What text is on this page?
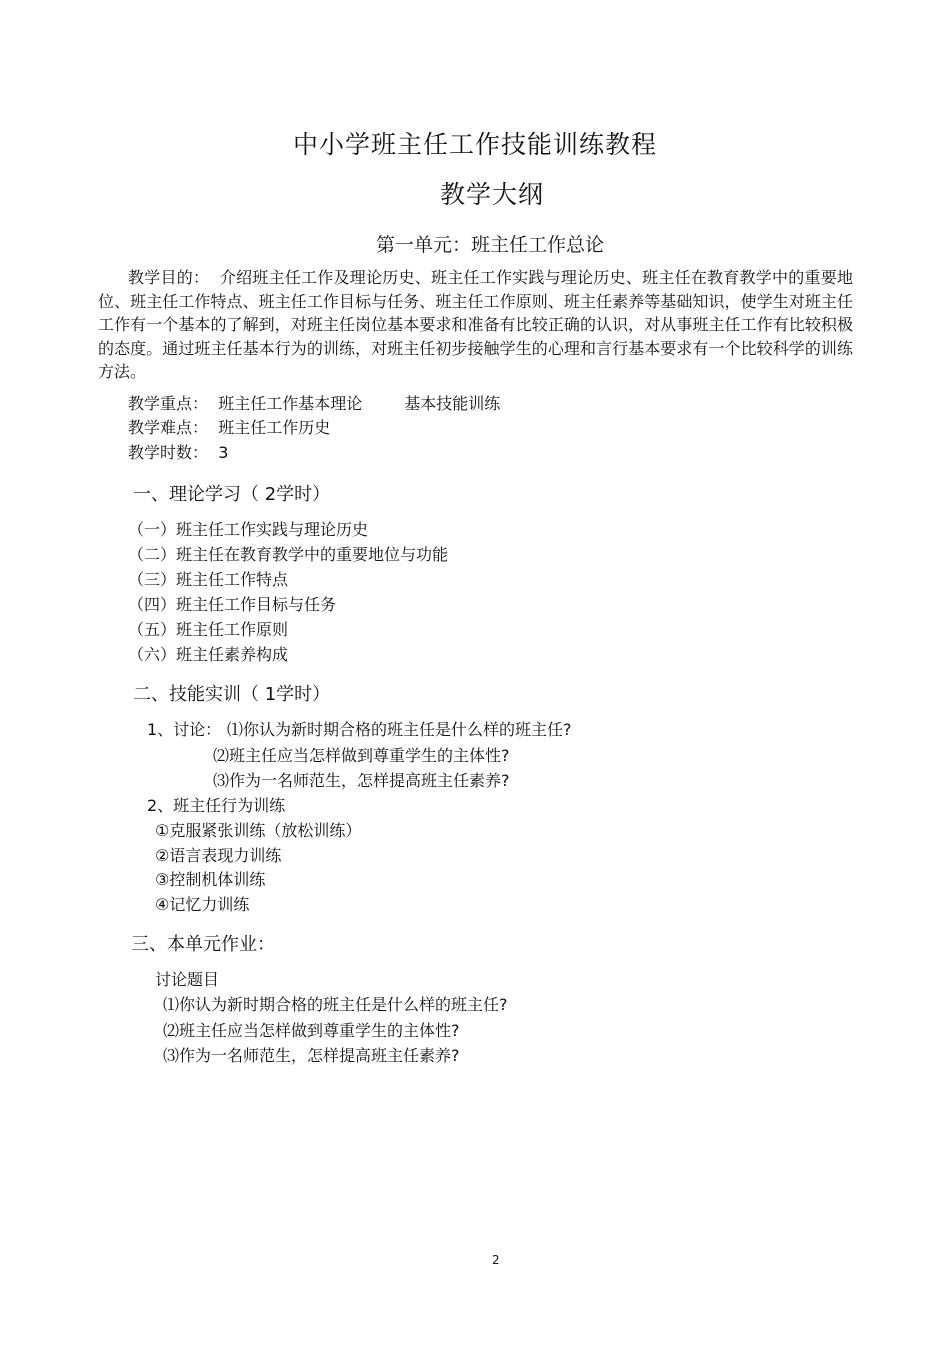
中小学班主任工作技能训练教程
教学大纲
第一单元：班主任工作总论
教学目的： 介绍班主任工作及理论历史、班主任工作实践与理论历史、班主任在教育教学中的重要地位、班主任工作特点、班主任工作目标与任务、班主任工作原则、班主任素养等基础知识，使学生对班主任工作有一个基本的了解到，对班主任岗位基本要求和准备有比较正确的认识，对从事班主任工作有比较积极的态度。通过班主任基本行为的训练，对班主任初步接触学生的心理和言行基本要求有一个比较科学的训练方法。
教学重点： 班主任工作基本理论	基本技能训练
教学难点： 班主任工作历史
教学时数： 3
一、理论学习（ 2学时）
（一）班主任工作实践与理论历史
（二）班主任在教育教学中的重要地位与功能
（三）班主任工作特点
（四）班主任工作目标与任务
（五）班主任工作原则
（六）班主任素养构成
二、技能实训（ 1学时）
1、讨论： ⑴你认为新时期合格的班主任是什么样的班主任?
⑵班主任应当怎样做到尊重学生的主体性?
⑶作为一名师范生，怎样提高班主任素养?
2、班主任行为训练
①克服紧张训练（放松训练）
②语言表现力训练
③控制机体训练
④记忆力训练
三、本单元作业：
讨论题目
⑴你认为新时期合格的班主任是什么样的班主任?
⑵班主任应当怎样做到尊重学生的主体性?
⑶作为一名师范生，怎样提高班主任素养?
2
